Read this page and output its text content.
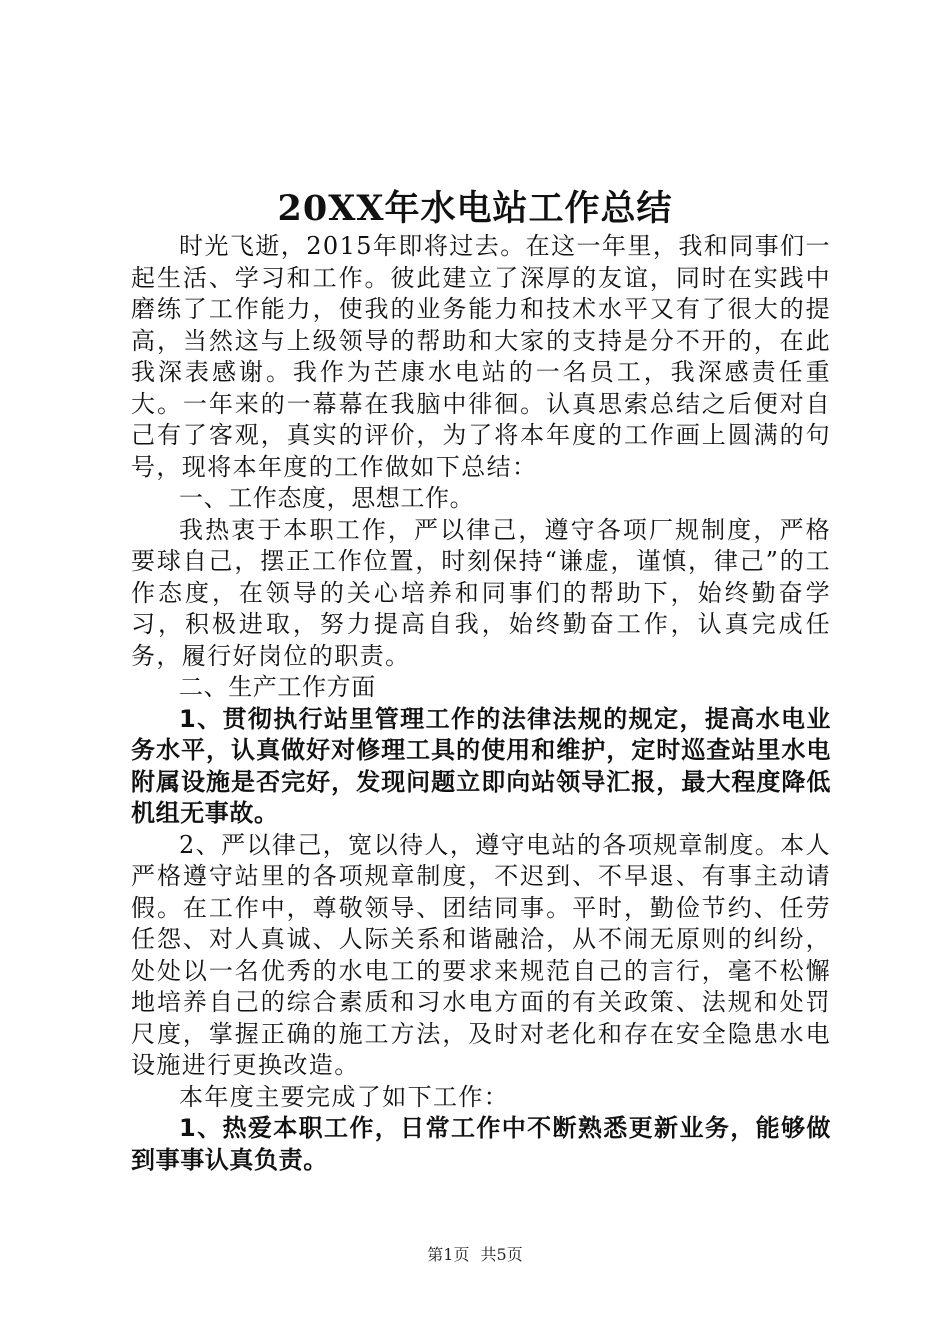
20XX年水电站工作总结

时光飞逝，2015年即将过去。在这一年里，我和同事们一起生活、学习和工作。彼此建立了深厚的友谊，同时在实践中磨练了工作能力，使我的业务能力和技术水平又有了很大的提高，当然这与上级领导的帮助和大家的支持是分不开的，在此我深表感谢。我作为芒康水电站的一名员工，我深感责任重大。一年来的一幕幕在我脑中徘徊。认真思索总结之后便对自己有了客观，真实的评价，为了将本年度的工作画上圆满的句号，现将本年度的工作做如下总结：

一、工作态度，思想工作。

我热衷于本职工作，严以律己，遵守各项厂规制度，严格要球自己，摆正工作位置，时刻保持“谦虚，谨慎，律己”的工作态度，在领导的关心培养和同事们的帮助下，始终勤奋学习，积极进取，努力提高自我，始终勤奋工作，认真完成任务，履行好岗位的职责。

二、生产工作方面

1、贯彻执行站里管理工作的法律法规的规定，提高水电业务水平，认真做好对修理工具的使用和维护，定时巡查站里水电附属设施是否完好，发现问题立即向站领导汇报，最大程度降低机组无事故。

2、严以律己，宽以待人，遵守电站的各项规章制度。本人严格遵守站里的各项规章制度，不迟到、不早退、有事主动请假。在工作中，尊敬领导、团结同事。平时，勤俭节约、任劳任怨、对人真诚、人际关系和谐融洽，从不闹无原则的纠纷，处处以一名优秀的水电工的要求来规范自己的言行，毫不松懈地培养自己的综合素质和习水电方面的有关政策、法规和处罚尺度，掌握正确的施工方法，及时对老化和存在安全隐患水电设施进行更换改造。

本年度主要完成了如下工作：

1、热爱本职工作，日常工作中不断熟悉更新业务，能够做到事事认真负责。

第1页 共5页
